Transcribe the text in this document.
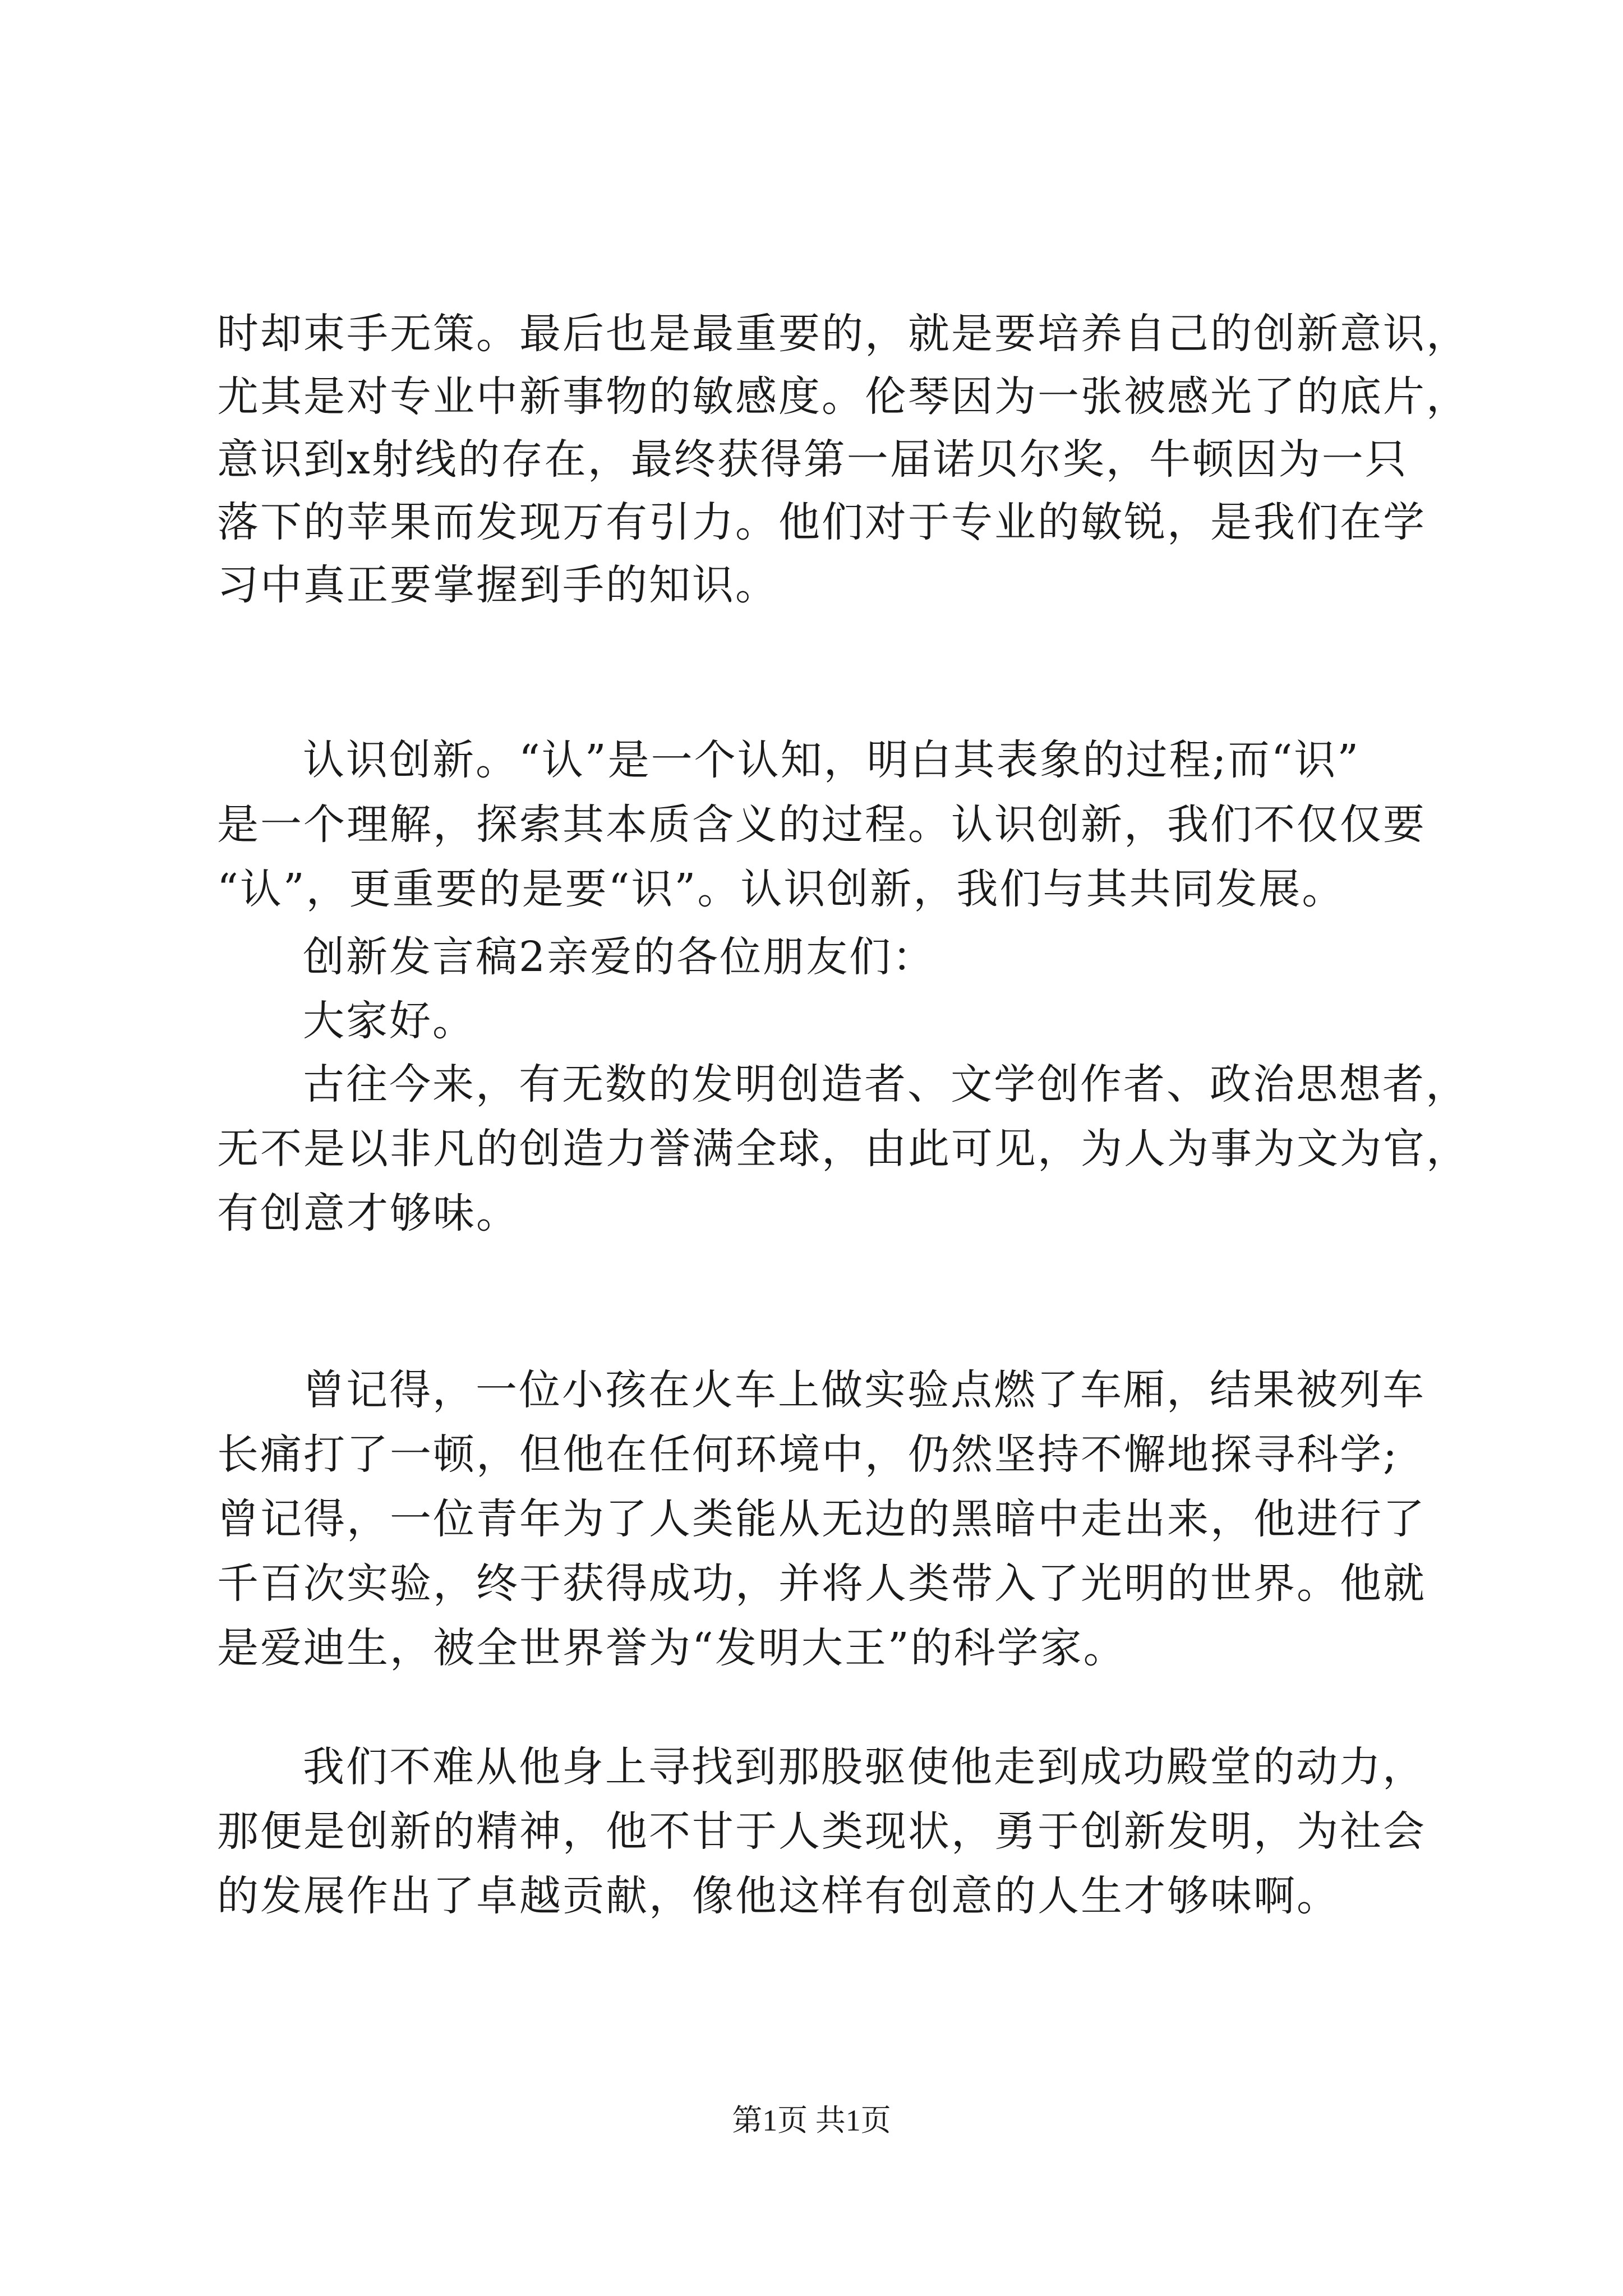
时却束手无策。最后也是最重要的，就是要培养自己的创新意识，
尤其是对专业中新事物的敏感度。伦琴因为一张被感光了的底片，
意识到x射线的存在，最终获得第一届诺贝尔奖，牛顿因为一只
落下的苹果而发现万有引力。他们对于专业的敏锐，是我们在学
习中真正要掌握到手的知识。
认识创新。“认”是一个认知，明白其表象的过程;而“识”
是一个理解，探索其本质含义的过程。认识创新，我们不仅仅要
“认”，更重要的是要“识”。认识创新，我们与其共同发展。
创新发言稿2亲爱的各位朋友们：
大家好。
古往今来，有无数的发明创造者、文学创作者、政治思想者，
无不是以非凡的创造力誉满全球，由此可见，为人为事为文为官，
有创意才够味。
曾记得，一位小孩在火车上做实验点燃了车厢，结果被列车
长痛打了一顿，但他在任何环境中，仍然坚持不懈地探寻科学;
曾记得，一位青年为了人类能从无边的黑暗中走出来，他进行了
千百次实验，终于获得成功，并将人类带入了光明的世界。他就
是爱迪生，被全世界誉为“发明大王”的科学家。
我们不难从他身上寻找到那股驱使他走到成功殿堂的动力，
那便是创新的精神，他不甘于人类现状，勇于创新发明，为社会
的发展作出了卓越贡献，像他这样有创意的人生才够味啊。
第1页 共1页
